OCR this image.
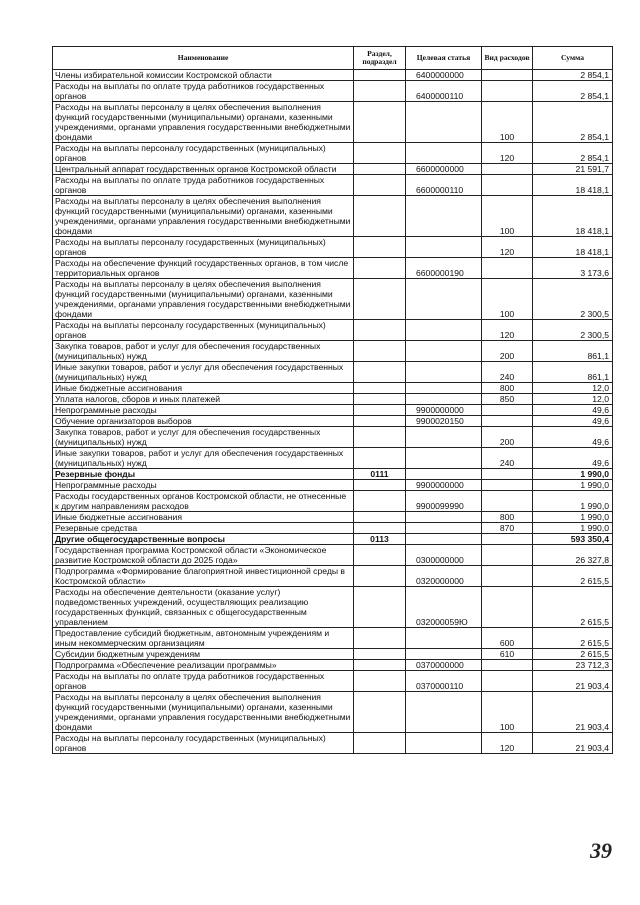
Наименование	Раздел, подраздел	Целевая статья	Вид расходов	Сумма
Члены избирательной комиссии Костромской области		6400000000		2 854,1
Расходы на выплаты по оплате труда работников государственных органов		6400000110		2 854,1
Расходы на выплаты персоналу в целях обеспечения выполнения функций государственными (муниципальными) органами, казенными учреждениями, органами управления государственными внебюджетными фондами			100	2 854,1
Расходы на выплаты персоналу государственных (муниципальных) органов			120	2 854,1
Центральный аппарат государственных органов Костромской области		6600000000		21 591,7
Расходы на выплаты по оплате труда работников государственных органов		6600000110		18 418,1
Расходы на выплаты персоналу в целях обеспечения выполнения функций государственными (муниципальными) органами, казенными учреждениями, органами управления государственными внебюджетными фондами			100	18 418,1
Расходы на выплаты персоналу государственных (муниципальных) органов			120	18 418,1
Расходы на обеспечение функций государственных органов, в том числе территориальных органов		6600000190		3 173,6
Расходы на выплаты персоналу в целях обеспечения выполнения функций государственными (муниципальными) органами, казенными учреждениями, органами управления государственными внебюджетными фондами			100	2 300,5
Расходы на выплаты персоналу государственных (муниципальных) органов			120	2 300,5
Закупка товаров, работ и услуг для обеспечения государственных (муниципальных) нужд			200	861,1
Иные закупки товаров, работ и услуг для обеспечения государственных (муниципальных) нужд			240	861,1
Иные бюджетные ассигнования			800	12,0
Уплата налогов, сборов и иных платежей			850	12,0
Непрограммные расходы		9900000000		49,6
Обучение организаторов выборов		9900020150		49,6
Закупка товаров, работ и услуг для обеспечения государственных (муниципальных) нужд			200	49,6
Иные закупки товаров, работ и услуг для обеспечения государственных (муниципальных) нужд			240	49,6
Резервные фонды	0111			1 990,0
Непрограммные расходы		9900000000		1 990,0
Расходы государственных органов Костромской области, не отнесенные к другим направлениям расходов		9900099990		1 990,0
Иные бюджетные ассигнования			800	1 990,0
Резервные средства			870	1 990,0
Другие общегосударственные вопросы	0113			593 350,4
Государственная программа Костромской области «Экономическое развитие Костромской области до 2025 года»		0300000000		26 327,8
Подпрограмма «Формирование благоприятной инвестиционной среды в Костромской области»		0320000000		2 615,5
Расходы на обеспечение деятельности (оказание услуг) подведомственных учреждений, осуществляющих реализацию государственных функций, связанных с общегосударственным управлением		032000059Ю		2 615,5
Предоставление субсидий бюджетным, автономным учреждениям и иным некоммерческим организациям			600	2 615,5
Субсидии бюджетным учреждениям			610	2 615,5
Подпрограмма «Обеспечение реализации программы»		0370000000		23 712,3
Расходы на выплаты по оплате труда работников государственных органов		0370000110		21 903,4
Расходы на выплаты персоналу в целях обеспечения выполнения функций государственными (муниципальными) органами, казенными учреждениями, органами управления государственными внебюджетными фондами			100	21 903,4
Расходы на выплаты персоналу государственных (муниципальных) органов			120	21 903,4
39
